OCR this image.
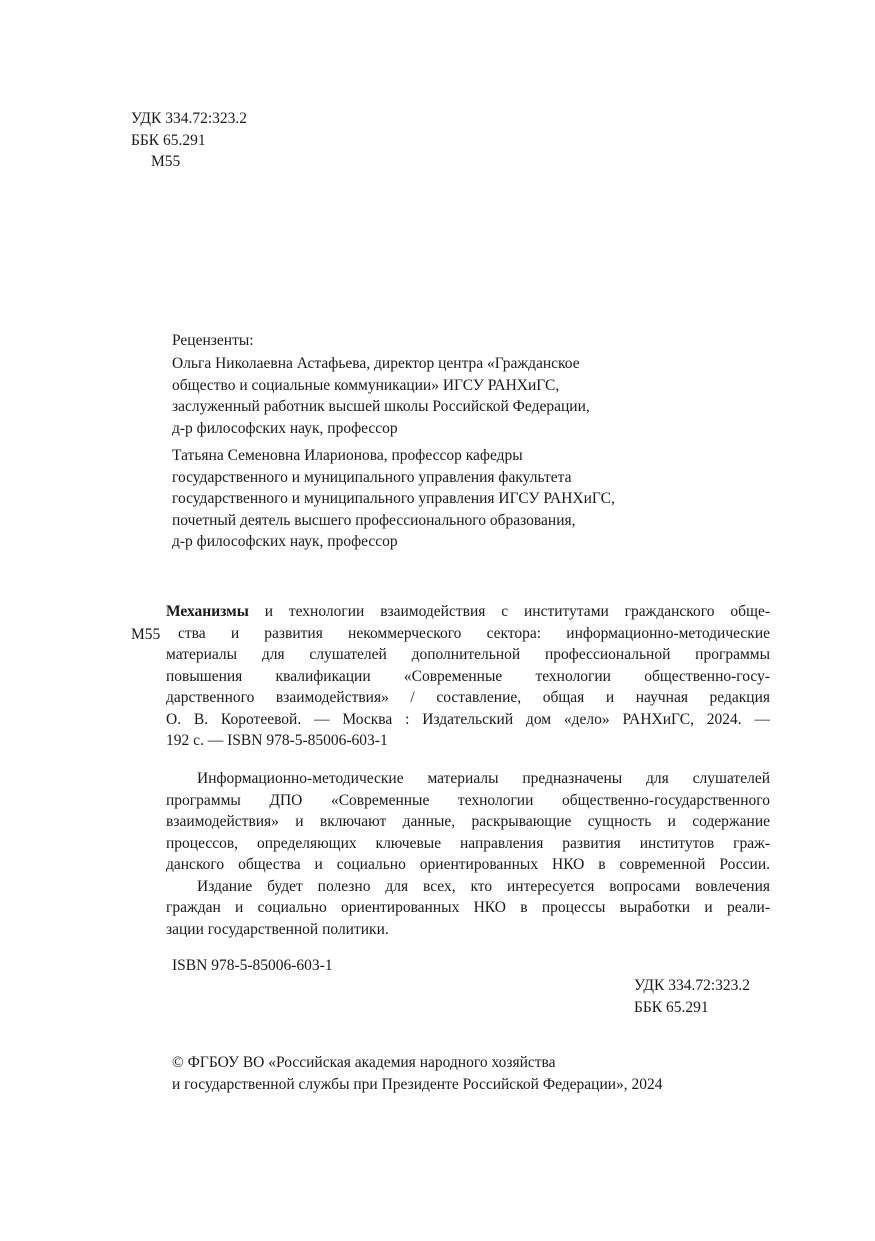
УДК 334.72:323.2
ББК 65.291
М55
Рецензенты:
Ольга Николаевна Астафьева, директор центра «Гражданское
общество и социальные коммуникации» ИГСУ РАНХиГС,
заслуженный работник высшей школы Российской Федерации,
д-р философских наук, профессор
Татьяна Семеновна Иларионова, профессор кафедры
государственного и муниципального управления факультета
государственного и муниципального управления ИГСУ РАНХиГС,
почетный деятель высшего профессионального образования,
д-р философских наук, профессор
М55
Механизмы и технологии взаимодействия с институтами гражданского обще-
ства и развития некоммерческого сектора: информационно-методические
материалы для слушателей дополнительной профессиональной программы
повышения квалификации «Современные технологии общественно-госу-
дарственного взаимодействия» / составление, общая и научная редакция
О. В. Коротеевой. — Москва : Издательский дом «дело» РАНХиГС, 2024. —
192 с. — ISBN 978-5-85006-603-1
Информационно-методические материалы предназначены для слушателей
программы ДПО «Современные технологии общественно-государственного
взаимодействия» и включают данные, раскрывающие сущность и содержание
процессов, определяющих ключевые направления развития институтов граж-
данского общества и социально ориентированных НКО в современной России.
Издание будет полезно для всех, кто интересуется вопросами вовлечения
граждан и социально ориентированных НКО в процессы выработки и реали-
зации государственной политики.
ISBN 978-5-85006-603-1
УДК 334.72:323.2
ББК 65.291
© ФГБОУ ВО «Российская академия народного хозяйства
и государственной службы при Президенте Российской Федерации», 2024
